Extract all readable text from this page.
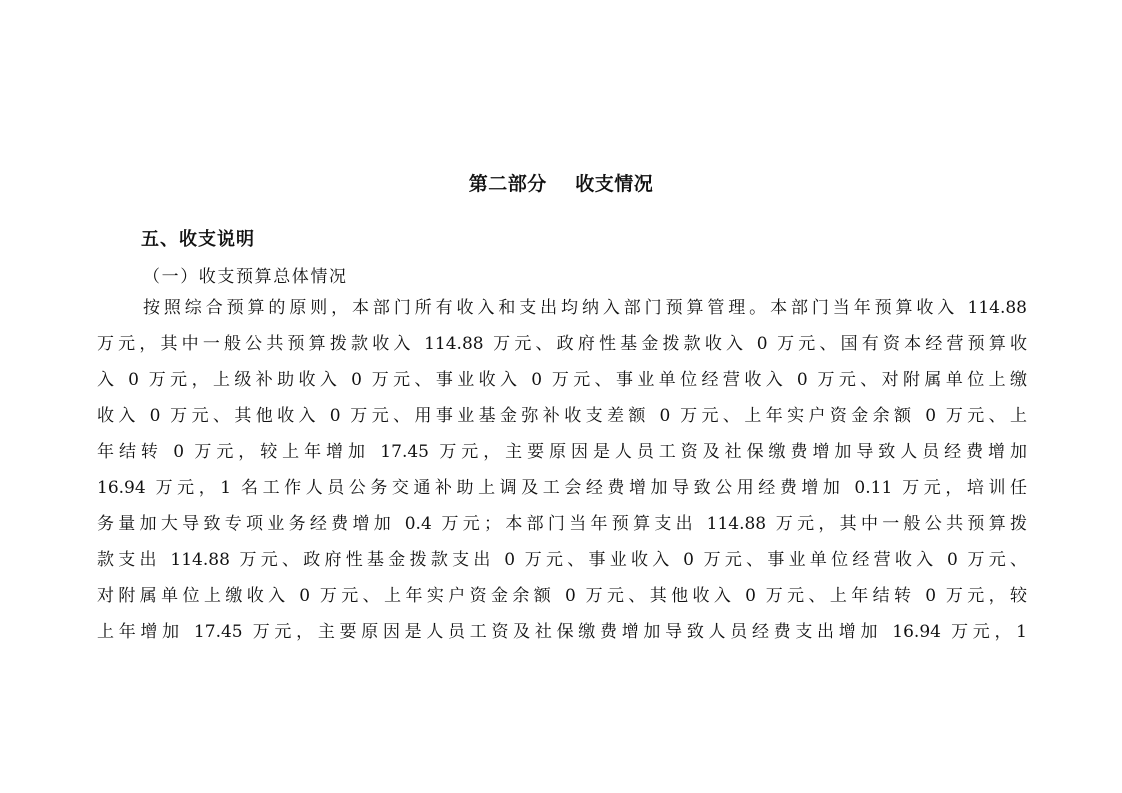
第二部分    收支情况
五、收支说明
（一）收支预算总体情况
按照综合预算的原则，本部门所有收入和支出均纳入部门预算管理。本部门当年预算收入 114.88
万元，其中一般公共预算拨款收入 114.88 万元、政府性基金拨款收入 0 万元、国有资本经营预算收
入 0 万元，上级补助收入 0 万元、事业收入 0 万元、事业单位经营收入 0 万元、对附属单位上缴
收入 0 万元、其他收入 0 万元、用事业基金弥补收支差额 0 万元、上年实户资金余额 0 万元、上
年结转 0 万元，较上年增加 17.45 万元，主要原因是人员工资及社保缴费增加导致人员经费增加
16.94 万元，1 名工作人员公务交通补助上调及工会经费增加导致公用经费增加 0.11 万元，培训任
务量加大导致专项业务经费增加 0.4 万元；本部门当年预算支出 114.88 万元，其中一般公共预算拨
款支出 114.88 万元、政府性基金拨款支出 0 万元、事业收入 0 万元、事业单位经营收入 0 万元、
对附属单位上缴收入 0 万元、上年实户资金余额 0 万元、其他收入 0 万元、上年结转 0 万元，较
上年增加 17.45 万元，主要原因是人员工资及社保缴费增加导致人员经费支出增加 16.94 万元，1
